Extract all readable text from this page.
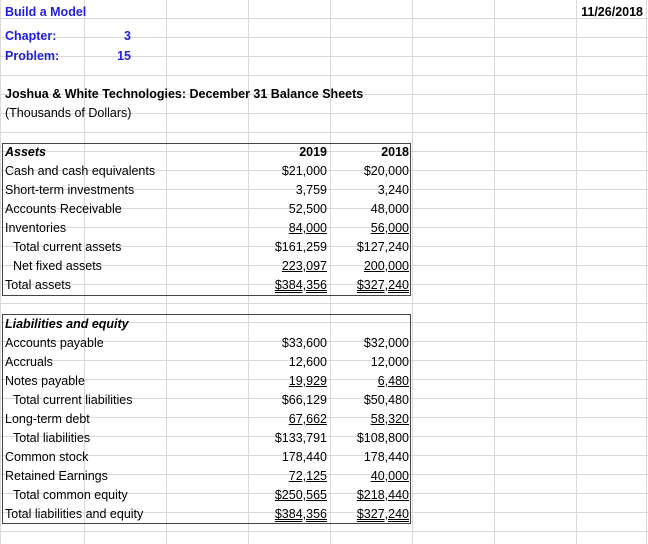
Build a Model	11/26/2018
Chapter:	3
Problem:	15
Joshua & White Technologies: December 31 Balance Sheets
(Thousands of Dollars)
Assets	2019	2018
Cash and cash equivalents	$21,000	$20,000
Short-term investments	3,759	3,240
Accounts Receivable	52,500	48,000
Inventories	84,000	56,000
Total current assets	$161,259	$127,240
Net fixed assets	223,097	200,000
Total assets	$384,356	$327,240
Liabilities and equity
Accounts payable	$33,600	$32,000
Accruals	12,600	12,000
Notes payable	19,929	6,480
Total current liabilities	$66,129	$50,480
Long-term debt	67,662	58,320
Total liabilities	$133,791	$108,800
Common stock	178,440	178,440
Retained Earnings	72,125	40,000
Total common equity	$250,565	$218,440
Total liabilities and equity	$384,356	$327,240
